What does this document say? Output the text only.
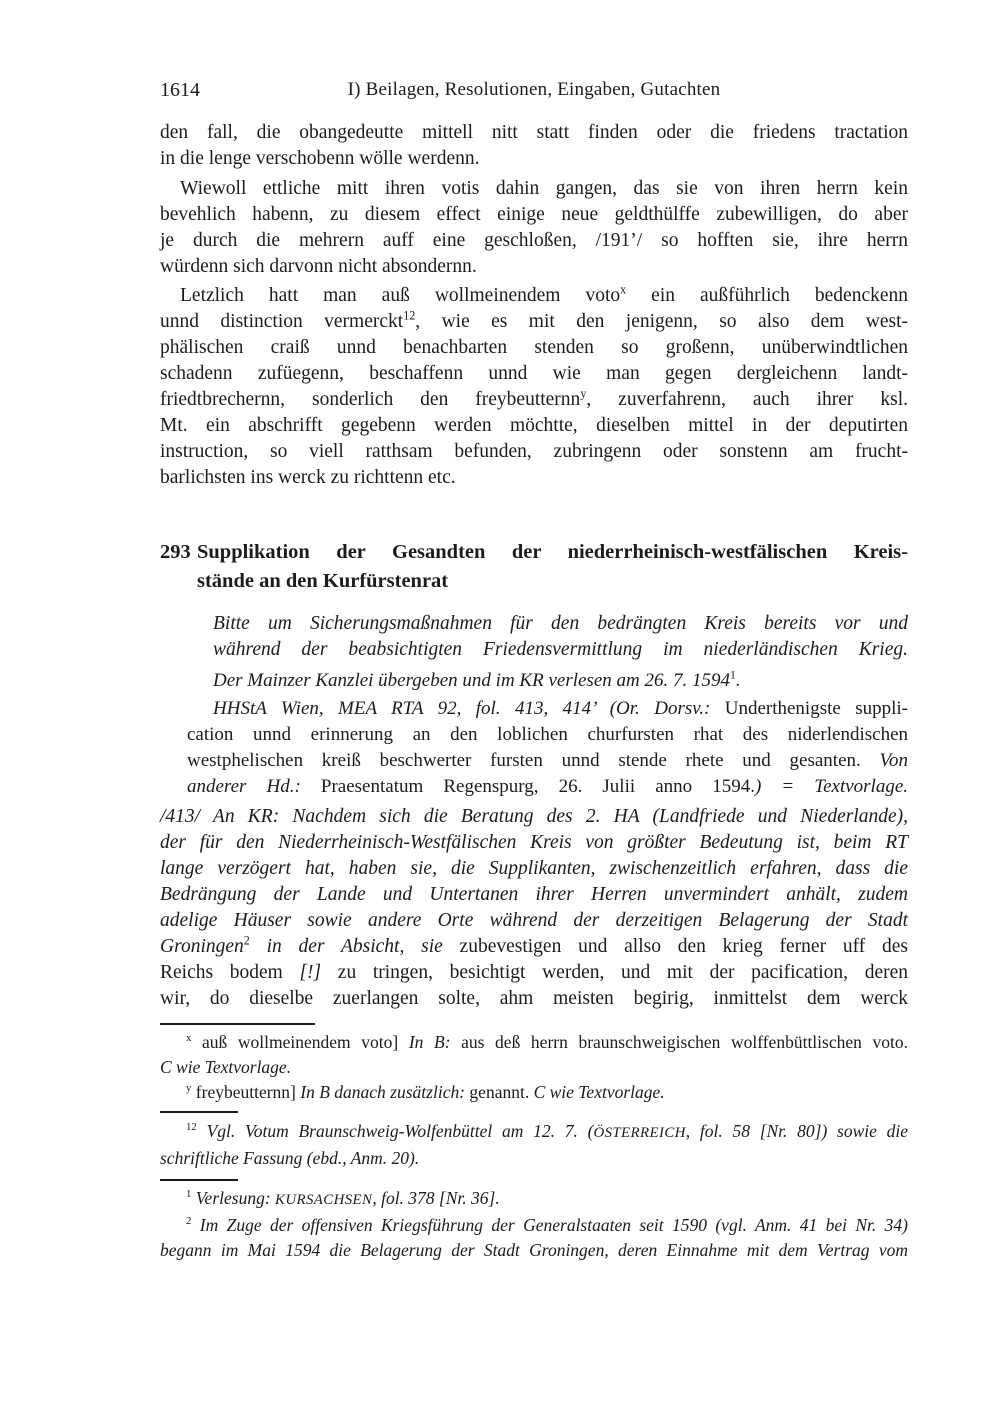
1614	I) Beilagen, Resolutionen, Eingaben, Gutachten
den fall, die obangedeutte mittell nitt statt finden oder die friedens tractation
in die lenge verschobenn wölle werdenn.
Wiewoll ettliche mitt ihren votis dahin gangen, das sie von ihren herrn kein
bevehlich habenn, zu diesem effect einige neue geldthülffe zubewilligen, do aber
je durch die mehrern auff eine geschloßen, /191’/ so hofften sie, ihre herrn
würdenn sich darvonn nicht absondernn.
Letzlich hatt man auß wollmeinendem voto$^x$ ein außführlich bedenckenn
unnd distinction vermerckt$^{12}$, wie es mit den jenigenn, so also dem west-
phälischen craiß unnd benachbarten stenden so großenn, unüberwindtlichen
schadenn zufüegenn, beschaffenn unnd wie man gegen dergleichenn landt-
friedtbrechernn, sonderlich den freybeutternn$^y$, zuverfahrenn, auch ihrer ksl.
Mt. ein abschrifft gegebenn werden möchtte, dieselben mittel in der deputirten
instruction, so viell ratthsam befunden, zubringenn oder sonstenn am frucht-
barlichsten ins werck zu richttenn etc.
293 Supplikation der Gesandten der niederrheinisch-westfälischen Kreis-
stände an den Kurfürstenrat
Bitte um Sicherungsmaßnahmen für den bedrängten Kreis bereits vor und
während der beabsichtigten Friedensvermittlung im niederländischen Krieg.
Der Mainzer Kanzlei übergeben und im KR verlesen am 26. 7. 1594$^1$.
HHStA Wien, MEA RTA 92, fol. 413, 414’ (Or. Dorsv.: Underthenigste suppli-
cation unnd erinnerung an den loblichen churfursten rhat des niderlendischen
westphelischen kreiß beschwerter fursten unnd stende rhete und gesanten. Von
anderer Hd.: Praesentatum Regenspurg, 26. Julii anno 1594.) = Textvorlage.
/413/ An KR: Nachdem sich die Beratung des 2. HA (Landfriede und Niederlande),
der für den Niederrheinisch-Westfälischen Kreis von größter Bedeutung ist, beim RT
lange verzögert hat, haben sie, die Supplikanten, zwischenzeitlich erfahren, dass die
Bedrängung der Lande und Untertanen ihrer Herren unvermindert anhält, zudem
adelige Häuser sowie andere Orte während der derzeitigen Belagerung der Stadt
Groningen$^2$ in der Absicht, sie zubevestigen und allso den krieg ferner uff des
Reichs bodem [!] zu tringen, besichtigt werden, und mit der pacification, deren
wir, do dieselbe zuerlangen solte, ahm meisten begirig, inmittelst dem werck
$^x$ auß wollmeinendem voto] In B: aus deß herrn braunschweigischen wolffenbüttlischen voto.
C wie Textvorlage.
$^y$ freybeutternn] In B danach zusätzlich: genannt. C wie Textvorlage.
$^{12}$ Vgl. Votum Braunschweig-Wolfenbüttel am 12. 7. (ÖSTERREICH, fol. 58 [Nr. 80]) sowie die
schriftliche Fassung (ebd., Anm. 20).
$^1$ Verlesung: KURSACHSEN, fol. 378 [Nr. 36].
$^2$ Im Zuge der offensiven Kriegsführung der Generalstaaten seit 1590 (vgl. Anm. 41 bei Nr. 34)
begann im Mai 1594 die Belagerung der Stadt Groningen, deren Einnahme mit dem Vertrag vom
